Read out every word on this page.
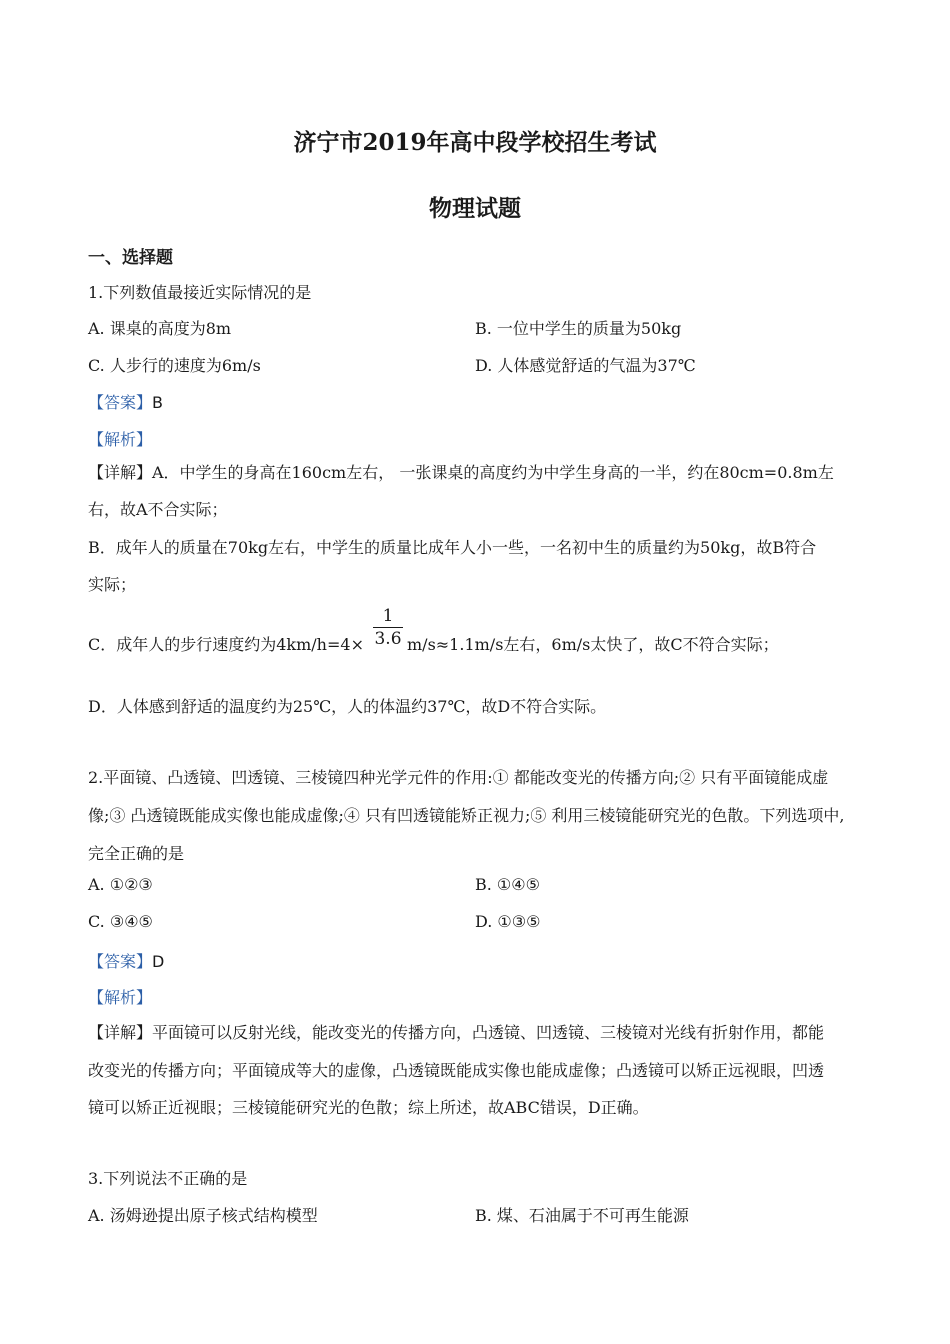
济宁市2019年高中段学校招生考试
物理试题
一、选择题
1.下列数值最接近实际情况的是
A. 课桌的高度为8m	B. 一位中学生的质量为50kg
C. 人步行的速度为6m/s	D. 人体感觉舒适的气温为37℃
【答案】B
【解析】
【详解】A．中学生的身高在160cm左右， 一张课桌的高度约为中学生身高的一半，约在80cm=0.8m左
右，故A不合实际；
B．成年人的质量在70kg左右，中学生的质量比成年人小一些，一名初中生的质量约为50kg，故B符合
实际；
C．成年人的步行速度约为4km/h=4×
1
3.6 m/s≈1.1m/s左右，6m/s太快了，故C不符合实际；
D．人体感到舒适的温度约为25℃，人的体温约37℃，故D不符合实际。
2.平面镜、凸透镜、凹透镜、三棱镜四种光学元件的作用:① 都能改变光的传播方向;② 只有平面镜能成虚
像;③ 凸透镜既能成实像也能成虚像;④ 只有凹透镜能矫正视力;⑤ 利用三棱镜能研究光的色散。下列选项中,
完全正确的是
A. ①②③	B. ①④⑤
C. ③④⑤	D. ①③⑤
【答案】D
【解析】
【详解】平面镜可以反射光线，能改变光的传播方向，凸透镜、凹透镜、三棱镜对光线有折射作用，都能
改变光的传播方向；平面镜成等大的虚像，凸透镜既能成实像也能成虚像；凸透镜可以矫正远视眼，凹透
镜可以矫正近视眼；三棱镜能研究光的色散；综上所述，故ABC错误，D正确。
3.下列说法不正确的是
A. 汤姆逊提出原子核式结构模型	B. 煤、石油属于不可再生能源
